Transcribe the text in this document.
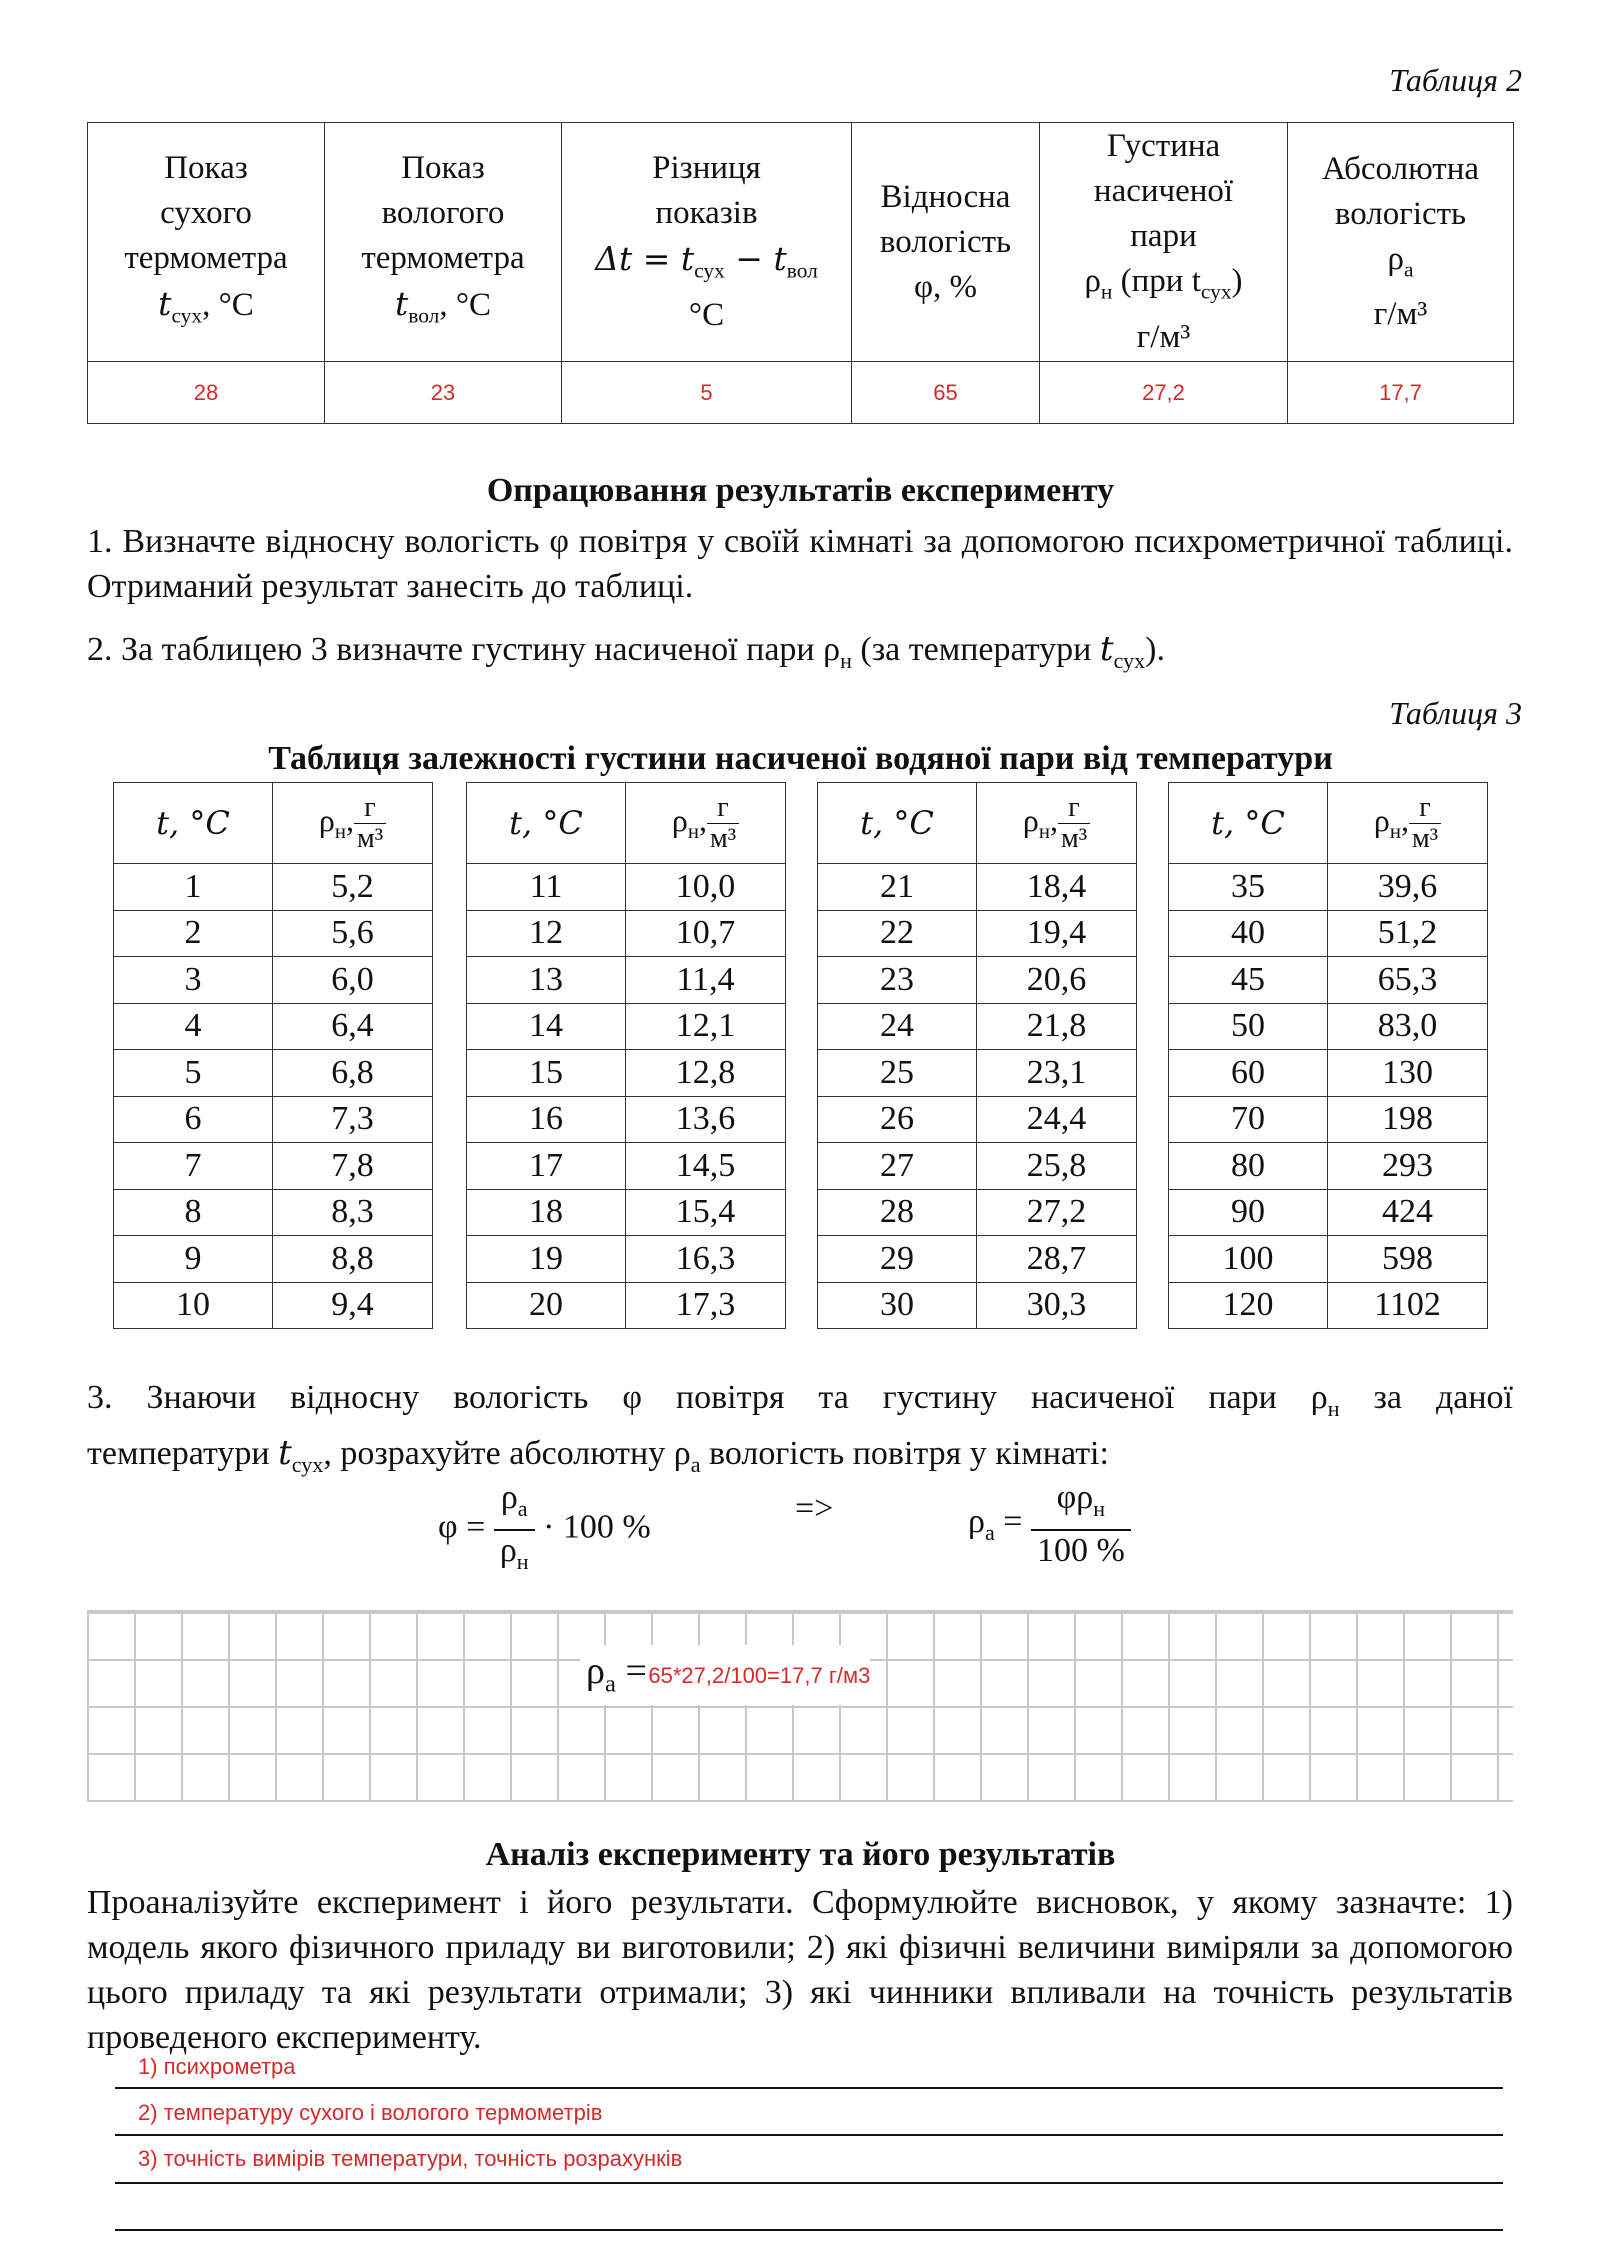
Таблиця 2
Показ
сухого
термометра
$t_{сух}$, °C	Показ
вологого
термометра
$t_{вол}$, °C	Різниця
показів
$\Delta t = t_{сух} - t_{вол}$
°C	Відносна
вологість
φ, %	Густина
насиченої
пари
$\rho_н$ (при $t_{сух}$)
г/м³	Абсолютна
вологість
$\rho_а$
г/м³
28	23	5	65	27,2	17,7
Опрацювання результатів експерименту
1. Визначте відносну вологість φ повітря у своїй кімнаті за допомогою психрометричної таблиці. Отриманий результат занесіть до таблиці.
2. За таблицею 3 визначте густину насиченої пари $\rho_н$ (за температури $t_{сух}$).
Таблиця 3
Таблиця залежності густини насиченої водяної пари від температури
t, °C	$\rho_н$, $\frac{г}{\text{м³}}$

1	5,2
2	5,6
3	6,0
4	6,4
5	6,8
6	7,3
7	7,8
8	8,3
9	8,8
10	9,4
t, °C	$\rho_н$, $\frac{г}{\text{м³}}$

11	10,0
12	10,7
13	11,4
14	12,1
15	12,8
16	13,6
17	14,5
18	15,4
19	16,3
20	17,3
t, °C	$\rho_н$, $\frac{г}{\text{м³}}$

21	18,4
22	19,4
23	20,6
24	21,8
25	23,1
26	24,4
27	25,8
28	27,2
29	28,7
30	30,3
t, °C	$\rho_н$, $\frac{г}{\text{м³}}$

35	39,6
40	51,2
45	65,3
50	83,0
60	130
70	198
80	293
90	424
100	598
120	1102
3. Знаючи відносну вологість φ повітря та густину насиченої пари $\rho_н$ за даної
температури $t_{сух}$, розрахуйте абсолютну $\rho_а$ вологість повітря у кімнаті:
$\varphi = \frac{\rho_а}{\rho_н} \cdot 100$ %
=>	$\rho_а = \frac{\varphi\rho_н}{100 \%}$
$\rho_а = 65*27,2/100=17,7$ г/м3
Аналіз експерименту та його результатів
Проаналізуйте експеримент і його результати. Сформулюйте висновок, у якому зазначте: 1) модель якого фізичного приладу ви виготовили; 2) які фізичні величини виміряли за допомогою цього приладу та які результати отримали; 3) які чинники впливали на точність результатів проведеного експерименту.
1) психрометра
2) температуру сухого і вологого термометрів
3) точність вимірів температури, точність розрахунків
